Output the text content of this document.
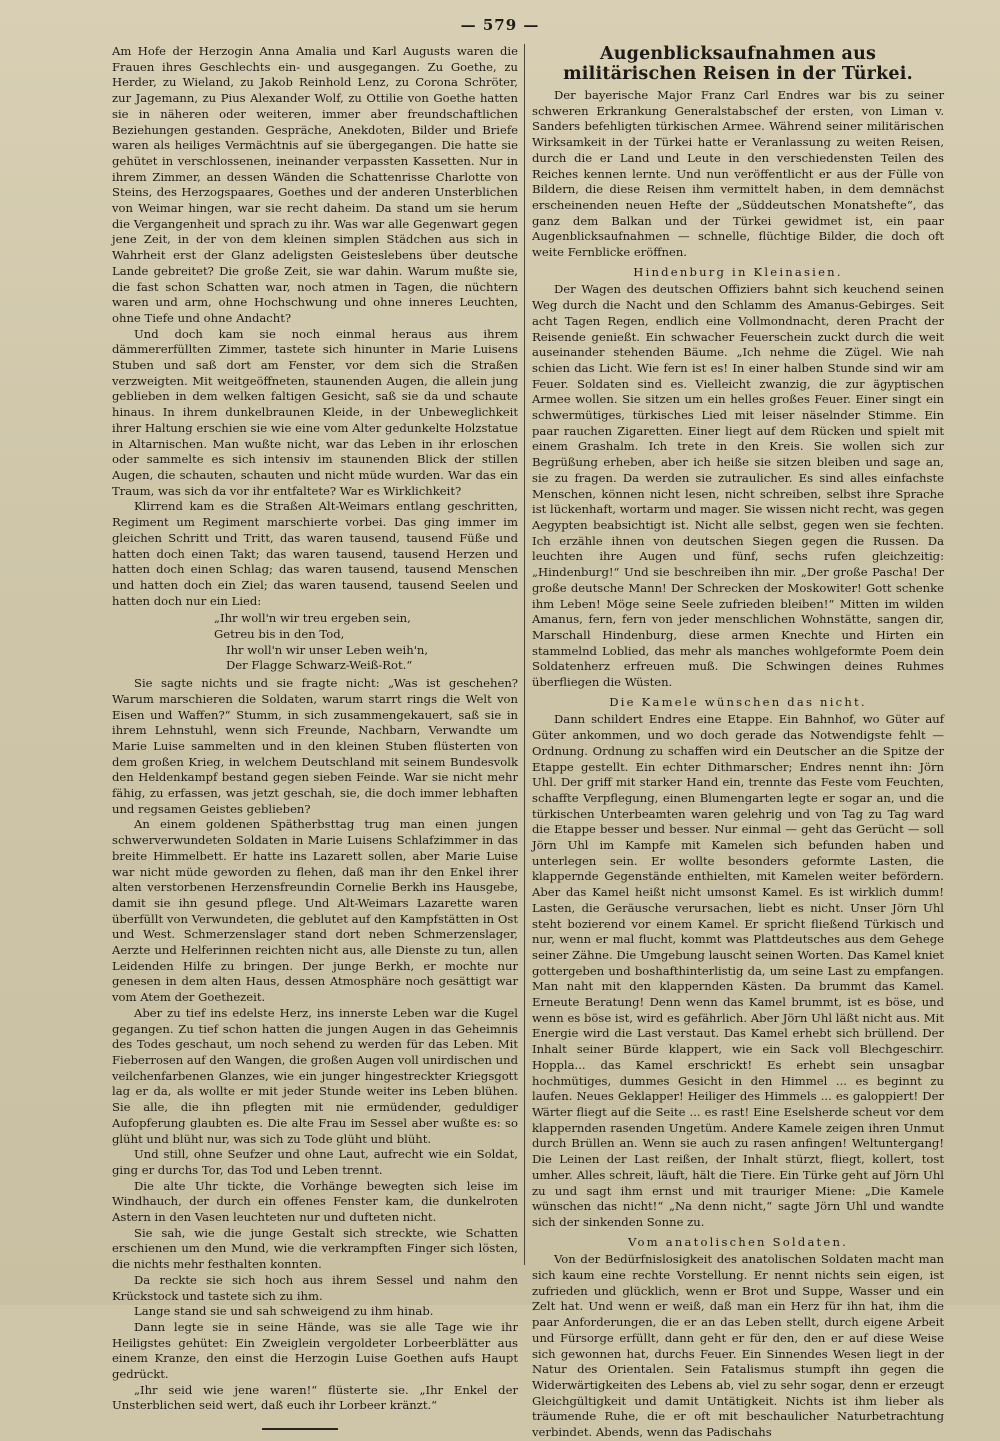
— 579 —

Am Hofe der Herzogin Anna Amalia und Karl Augusts waren die Frauen ihres Geschlechts ein- und ausgegangen. Zu Goethe, zu Herder, zu Wieland, zu Jakob Reinhold Lenz, zu Corona Schröter, zur Jagemann, zu Pius Alexander Wolf, zu Ottilie von Goethe hatten sie in näheren oder weiteren, immer aber freundschaftlichen Beziehungen gestanden. Gespräche, Anekdoten, Bilder und Briefe waren als heiliges Vermächtnis auf sie übergegangen. Die hatte sie gehütet in verschlossenen, ineinander verpassten Kassetten. Nur in ihrem Zimmer, an dessen Wänden die Schattenrisse Charlotte von Steins, des Herzogspaares, Goethes und der anderen Unsterblichen von Weimar hingen, war sie recht daheim. Da stand um sie herum die Vergangenheit und sprach zu ihr. Was war alle Gegenwart gegen jene Zeit, in der von dem kleinen simplen Städchen aus sich in Wahrheit erst der Glanz adeligsten Geisteslebens über deutsche Lande gebreitet? Die große Zeit, sie war dahin. Warum mußte sie, die fast schon Schatten war, noch atmen in Tagen, die nüchtern waren und arm, ohne Hochschwung und ohne inneres Leuchten, ohne Tiefe und ohne Andacht?

Und doch kam sie noch einmal heraus aus ihrem dämmererfüllten Zimmer, tastete sich hinunter in Marie Luisens Stuben und saß dort am Fenster, vor dem sich die Straßen verzweigten. Mit weitgeöffneten, staunenden Augen, die allein jung geblieben in dem welken faltigen Gesicht, saß sie da und schaute hinaus. In ihrem dunkelbraunen Kleide, in der Unbeweglichkeit ihrer Haltung erschien sie wie eine vom Alter gedunkelte Holzstatue in Altarnischen. Man wußte nicht, war das Leben in ihr erloschen oder sammelte es sich intensiv im staunenden Blick der stillen Augen, die schauten, schauten und nicht müde wurden. War das ein Traum, was sich da vor ihr entfaltete? War es Wirklichkeit?

Klirrend kam es die Straßen Alt-Weimars entlang geschritten, Regiment um Regiment marschierte vorbei. Das ging immer im gleichen Schritt und Tritt, das waren tausend, tausend Füße und hatten doch einen Takt; das waren tausend, tausend Herzen und hatten doch einen Schlag; das waren tausend, tausend Menschen und hatten doch ein Ziel; das waren tausend, tausend Seelen und hatten doch nur ein Lied:

„Ihr woll'n wir treu ergeben sein,
Getreu bis in den Tod,
Ihr woll'n wir unser Leben weih'n,
Der Flagge Schwarz-Weiß-Rot.“

Sie sagte nichts und sie fragte nicht: „Was ist geschehen? Warum marschieren die Soldaten, warum starrt rings die Welt von Eisen und Waffen?“ Stumm, in sich zusammengekauert, saß sie in ihrem Lehnstuhl, wenn sich Freunde, Nachbarn, Verwandte um Marie Luise sammelten und in den kleinen Stuben flüsterten von dem großen Krieg, in welchem Deutschland mit seinem Bundesvolk den Heldenkampf bestand gegen sieben Feinde. War sie nicht mehr fähig, zu erfassen, was jetzt geschah, sie, die doch immer lebhaften und regsamen Geistes geblieben?

An einem goldenen Spätherbsttag trug man einen jungen schwerverwundeten Soldaten in Marie Luisens Schlafzimmer in das breite Himmelbett. Er hatte ins Lazarett sollen, aber Marie Luise war nicht müde geworden zu flehen, daß man ihr den Enkel ihrer alten verstorbenen Herzensfreundin Cornelie Berkh ins Hausgebe, damit sie ihn gesund pflege. Und Alt-Weimars Lazarette waren überfüllt von Verwundeten, die geblutet auf den Kampfstätten in Ost und West. Schmerzenslager stand dort neben Schmerzenslager, Aerzte und Helferinnen reichten nicht aus, alle Dienste zu tun, allen Leidenden Hilfe zu bringen. Der junge Berkh, er mochte nur genesen in dem alten Haus, dessen Atmosphäre noch gesättigt war vom Atem der Goethezeit.

Aber zu tief ins edelste Herz, ins innerste Leben war die Kugel gegangen. Zu tief schon hatten die jungen Augen in das Geheimnis des Todes geschaut, um noch sehend zu werden für das Leben. Mit Fieberrosen auf den Wangen, die großen Augen voll unirdischen und veilchenfarbenen Glanzes, wie ein junger hingestreckter Kriegsgott lag er da, als wollte er mit jeder Stunde weiter ins Leben blühen. Sie alle, die ihn pflegten mit nie ermüdender, geduldiger Aufopferung glaubten es. Die alte Frau im Sessel aber wußte es: so glüht und blüht nur, was sich zu Tode glüht und blüht.

Und still, ohne Seufzer und ohne Laut, aufrecht wie ein Soldat, ging er durchs Tor, das Tod und Leben trennt.

Die alte Uhr tickte, die Vorhänge bewegten sich leise im Windhauch, der durch ein offenes Fenster kam, die dunkelroten Astern in den Vasen leuchteten nur und dufteten nicht.

Sie sah, wie die junge Gestalt sich streckte, wie Schatten erschienen um den Mund, wie die verkrampften Finger sich lösten, die nichts mehr festhalten konnten.

Da reckte sie sich hoch aus ihrem Sessel und nahm den Krückstock und tastete sich zu ihm.

Lange stand sie und sah schweigend zu ihm hinab.

Dann legte sie in seine Hände, was sie alle Tage wie ihr Heiligstes gehütet: Ein Zweiglein vergoldeter Lorbeerblätter aus einem Kranze, den einst die Herzogin Luise Goethen aufs Haupt gedrückt.

„Ihr seid wie jene waren!“ flüsterte sie. „Ihr Enkel der Unsterblichen seid wert, daß euch ihr Lorbeer kränzt.“

Augenblicksaufnahmen aus militärischen Reisen in der Türkei.

Der bayerische Major Franz Carl Endres war bis zu seiner schweren Erkrankung Generalstabschef der ersten, von Liman v. Sanders befehligten türkischen Armee. Während seiner militärischen Wirksamkeit in der Türkei hatte er Veranlassung zu weiten Reisen, durch die er Land und Leute in den verschiedensten Teilen des Reiches kennen lernte. Und nun veröffentlicht er aus der Fülle von Bildern, die diese Reisen ihm vermittelt haben, in dem demnächst erscheinenden neuen Hefte der „Süddeutschen Monatshefte“, das ganz dem Balkan und der Türkei gewidmet ist, ein paar Augenblicksaufnahmen — schnelle, flüchtige Bilder, die doch oft weite Fernblicke eröffnen.

Hindenburg in Kleinasien.

Der Wagen des deutschen Offiziers bahnt sich keuchend seinen Weg durch die Nacht und den Schlamm des Amanus-Gebirges. Seit acht Tagen Regen, endlich eine Vollmondnacht, deren Pracht der Reisende genießt. Ein schwacher Feuerschein zuckt durch die weit auseinander stehenden Bäume. „Ich nehme die Zügel. Wie nah schien das Licht. Wie fern ist es! In einer halben Stunde sind wir am Feuer. Soldaten sind es. Vielleicht zwanzig, die zur ägyptischen Armee wollen. Sie sitzen um ein helles großes Feuer. Einer singt ein schwermütiges, türkisches Lied mit leiser näselnder Stimme. Ein paar rauchen Zigaretten. Einer liegt auf dem Rücken und spielt mit einem Grashalm. Ich trete in den Kreis. Sie wollen sich zur Begrüßung erheben, aber ich heiße sie sitzen bleiben und sage an, sie zu fragen. Da werden sie zutraulicher. Es sind alles einfachste Menschen, können nicht lesen, nicht schreiben, selbst ihre Sprache ist lückenhaft, wortarm und mager. Sie wissen nicht recht, was gegen Aegypten beabsichtigt ist. Nicht alle selbst, gegen wen sie fechten. Ich erzähle ihnen von deutschen Siegen gegen die Russen. Da leuchten ihre Augen und fünf, sechs rufen gleichzeitig: „Hindenburg!“ Und sie beschreiben ihn mir. „Der große Pascha! Der große deutsche Mann! Der Schrecken der Moskowiter! Gott schenke ihm Leben! Möge seine Seele zufrieden bleiben!“ Mitten im wilden Amanus, fern, fern von jeder menschlichen Wohnstätte, sangen dir, Marschall Hindenburg, diese armen Knechte und Hirten ein stammelnd Loblied, das mehr als manches wohlgeformte Poem dein Soldatenherz erfreuen muß. Die Schwingen deines Ruhmes überfliegen die Wüsten.

Die Kamele wünschen das nicht.

Dann schildert Endres eine Etappe. Ein Bahnhof, wo Güter auf Güter ankommen, und wo doch gerade das Notwendigste fehlt — Ordnung. Ordnung zu schaffen wird ein Deutscher an die Spitze der Etappe gestellt. Ein echter Dithmarscher; Endres nennt ihn: Jörn Uhl. Der griff mit starker Hand ein, trennte das Feste vom Feuchten, schaffte Verpflegung, einen Blumengarten legte er sogar an, und die türkischen Unterbeamten waren gelehrig und von Tag zu Tag ward die Etappe besser und besser. Nur einmal — geht das Gerücht — soll Jörn Uhl im Kampfe mit Kamelen sich befunden haben und unterlegen sein. Er wollte besonders geformte Lasten, die klappernde Gegenstände enthielten, mit Kamelen weiter befördern. Aber das Kamel heißt nicht umsonst Kamel. Es ist wirklich dumm! Lasten, die Geräusche verursachen, liebt es nicht. Unser Jörn Uhl steht bozierend vor einem Kamel. Er spricht fließend Türkisch und nur, wenn er mal flucht, kommt was Plattdeutsches aus dem Gehege seiner Zähne. Die Umgebung lauscht seinen Worten. Das Kamel kniet gottergeben und boshafthinterlistig da, um seine Last zu empfangen. Man naht mit den klappernden Kästen. Da brummt das Kamel. Erneute Beratung! Denn wenn das Kamel brummt, ist es böse, und wenn es böse ist, wird es gefährlich. Aber Jörn Uhl läßt nicht aus. Mit Energie wird die Last verstaut. Das Kamel erhebt sich brüllend. Der Inhalt seiner Bürde klappert, wie ein Sack voll Blechgeschirr. Hoppla... das Kamel erschrickt! Es erhebt sein unsagbar hochmütiges, dummes Gesicht in den Himmel ... es beginnt zu laufen. Neues Geklapper! Heiliger des Himmels ... es galoppiert! Der Wärter fliegt auf die Seite ... es rast! Eine Eselsherde scheut vor dem klappernden rasenden Ungetüm. Andere Kamele zeigen ihren Unmut durch Brüllen an. Wenn sie auch zu rasen anfingen! Weltuntergang! Die Leinen der Last reißen, der Inhalt stürzt, fliegt, kollert, tost umher. Alles schreit, läuft, hält die Tiere. Ein Türke geht auf Jörn Uhl zu und sagt ihm ernst und mit trauriger Miene: „Die Kamele wünschen das nicht!“ „Na denn nicht,“ sagte Jörn Uhl und wandte sich der sinkenden Sonne zu.

Vom anatolischen Soldaten.

Von der Bedürfnislosigkeit des anatolischen Soldaten macht man sich kaum eine rechte Vorstellung. Er nennt nichts sein eigen, ist zufrieden und glücklich, wenn er Brot und Suppe, Wasser und ein Zelt hat. Und wenn er weiß, daß man ein Herz für ihn hat, ihm die paar Anforderungen, die er an das Leben stellt, durch eigene Arbeit und Fürsorge erfüllt, dann geht er für den, den er auf diese Weise sich gewonnen hat, durchs Feuer. Ein Sinnendes Wesen liegt in der Natur des Orientalen. Sein Fatalismus stumpft ihn gegen die Widerwärtigkeiten des Lebens ab, viel zu sehr sogar, denn er erzeugt Gleichgültigkeit und damit Untätigkeit. Nichts ist ihm lieber als träumende Ruhe, die er oft mit beschaulicher Naturbetrachtung verbindet. Abends, wenn das Padischahs
